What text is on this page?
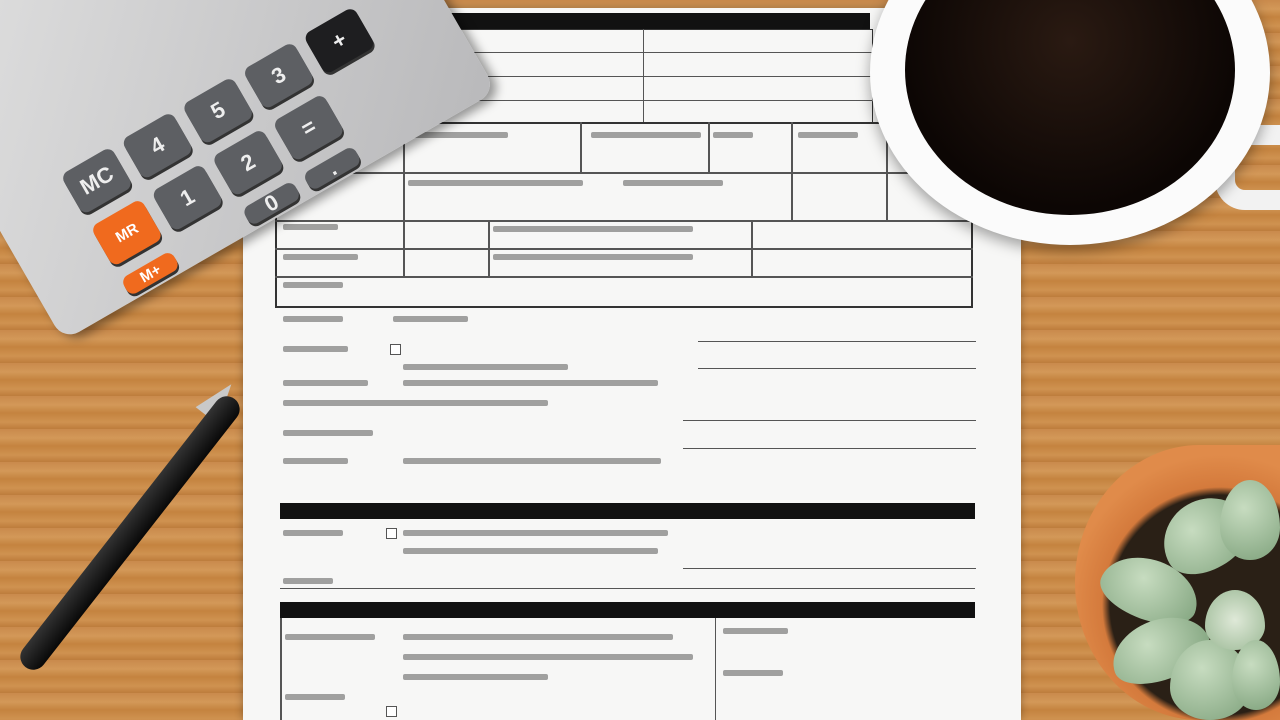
MC
4
5
3
+
1
2
=
0
.
MR
M+
